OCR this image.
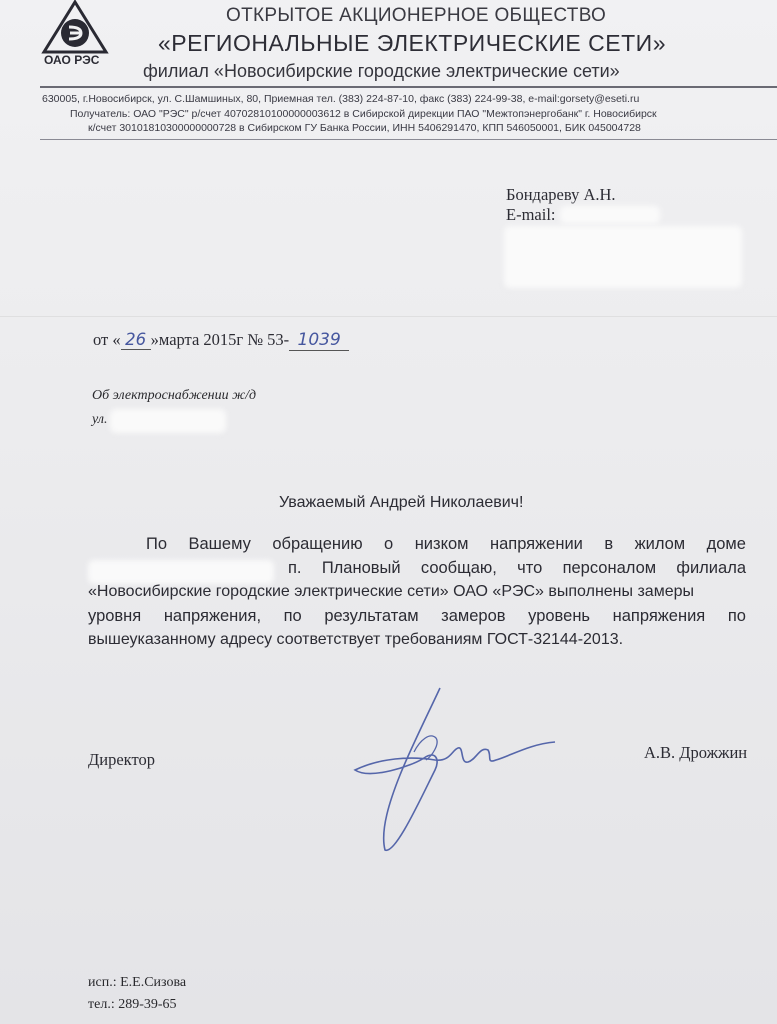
ОАО РЭС
ОТКРЫТОЕ АКЦИОНЕРНОЕ ОБЩЕСТВО
«РЕГИОНАЛЬНЫЕ ЭЛЕКТРИЧЕСКИЕ СЕТИ»
филиал «Новосибирские городские электрические сети»
630005, г.Новосибирск, ул. С.Шамшиных, 80, Приемная тел. (383) 224-87-10, факс (383) 224-99-38, e-mail:gorsety@eseti.ru
Получатель: ОАО "РЭС" р/счет 40702810100000003612 в Сибирской дирекции ПАО "Межтопэнергобанк" г. Новосибирск
к/счет 30101810300000000728 в Сибирском ГУ Банка России, ИНН 5406291470, КПП 546050001, БИК 045004728
Бондареву А.Н.
E-mail:
от « 26 »марта 2015г № 53- 1039
Об электроснабжении ж/д
ул.
Уважаемый Андрей Николаевич!
По Вашему обращению о низком напряжении в жилом доме
п. Плановый сообщаю, что персоналом филиала
«Новосибирские городские электрические сети» ОАО «РЭС» выполнены замеры
уровня напряжения, по результатам замеров уровень напряжения по
вышеуказанному адресу соответствует требованиям ГОСТ-32144-2013.
Директор	А.В. Дрожжин
исп.: Е.Е.Сизова
тел.: 289-39-65
